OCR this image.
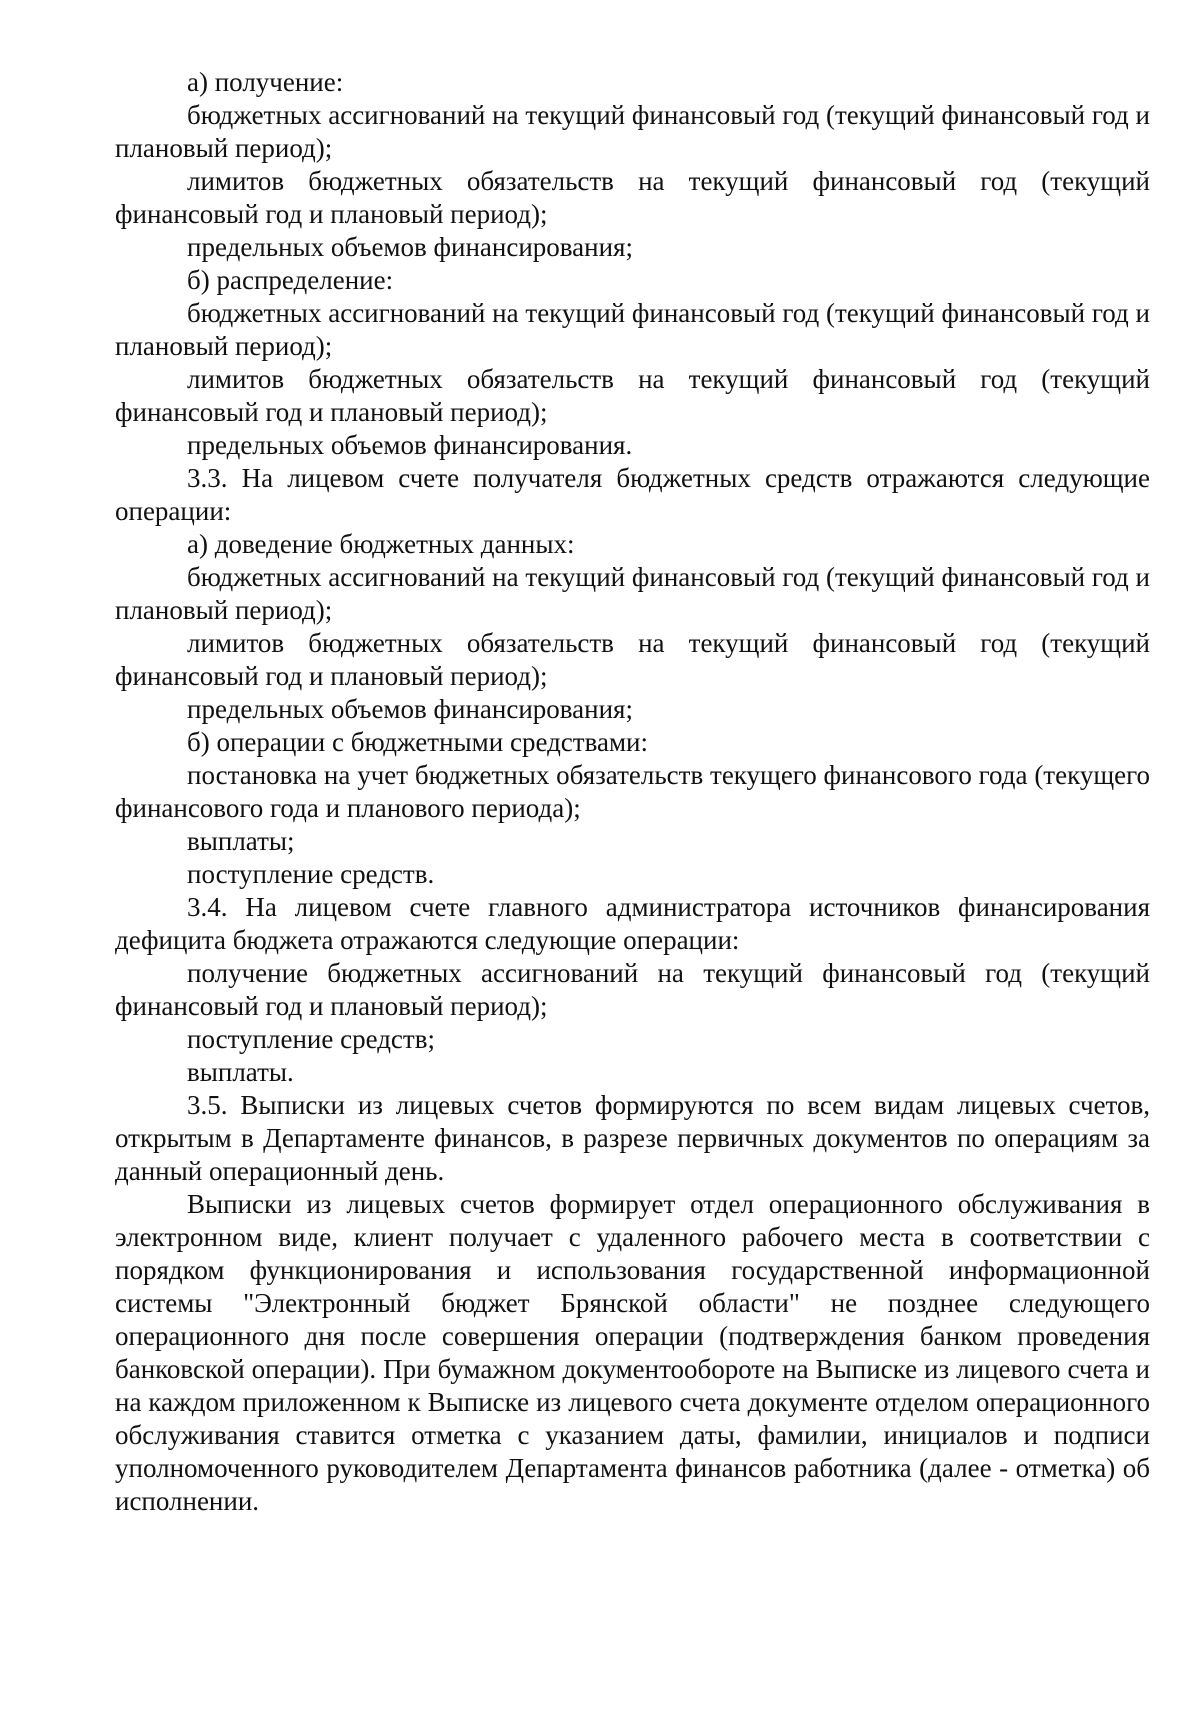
а) получение:

бюджетных ассигнований на текущий финансовый год (текущий финансовый год и плановый период);

лимитов бюджетных обязательств на текущий финансовый год (текущий финансовый год и плановый период);

предельных объемов финансирования;

б) распределение:

бюджетных ассигнований на текущий финансовый год (текущий финансовый год и плановый период);

лимитов бюджетных обязательств на текущий финансовый год (текущий финансовый год и плановый период);

предельных объемов финансирования.

3.3. На лицевом счете получателя бюджетных средств отражаются следующие операции:

а) доведение бюджетных данных:

бюджетных ассигнований на текущий финансовый год (текущий финансовый год и плановый период);

лимитов бюджетных обязательств на текущий финансовый год (текущий финансовый год и плановый период);

предельных объемов финансирования;

б) операции с бюджетными средствами:

постановка на учет бюджетных обязательств текущего финансового года (текущего финансового года и планового периода);

выплаты;

поступление средств.

3.4. На лицевом счете главного администратора источников финансирования дефицита бюджета отражаются следующие операции:

получение бюджетных ассигнований на текущий финансовый год (текущий финансовый год и плановый период);

поступление средств;

выплаты.

3.5. Выписки из лицевых счетов формируются по всем видам лицевых счетов, открытым в Департаменте финансов, в разрезе первичных документов по операциям за данный операционный день.

Выписки из лицевых счетов формирует отдел операционного обслуживания в электронном виде, клиент получает с удаленного рабочего места в соответствии с порядком функционирования и использования государственной информационной системы "Электронный бюджет Брянской области" не позднее следующего операционного дня после совершения операции (подтверждения банком проведения банковской операции). При бумажном документообороте на Выписке из лицевого счета и на каждом приложенном к Выписке из лицевого счета документе отделом операционного обслуживания ставится отметка с указанием даты, фамилии, инициалов и подписи уполномоченного руководителем Департамента финансов работника (далее - отметка) об исполнении.
